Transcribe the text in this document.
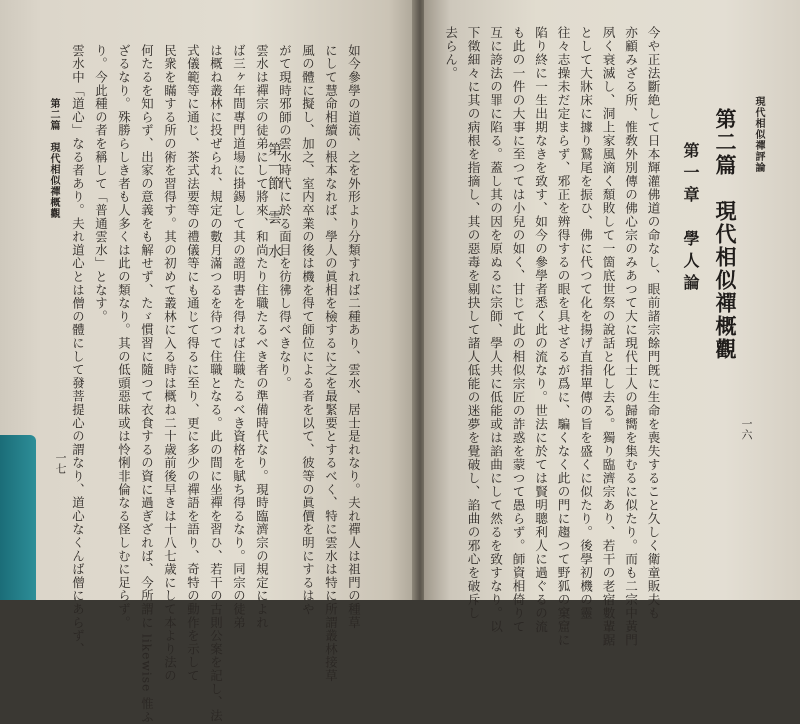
第二篇　現代相似禪概觀	第一節　雲　水
一七	如今參學の道流、之を外形より分類すれば二種あり、雲水、居士是れなり。夫れ禪人は祖門の種草
にして慧命相續の根本なれば、學人の眞相を檢するに之を最緊要とするべく、特に雲水は特に所謂叢林接草
風の體に擬し、加之、室内卒業の後は機を得て師位による者を以て、彼等の眞價を明にするはや
がて現時邪師の雲水時代に於る面目を彷彿し得べきなり。
雲水は禪宗の徒弟にして將來、和尚たり住職たるべき者の準備時代なり。現時臨濟宗の規定によれ
ば三ヶ年間專門道場に掛錫して其の證明書を得れば住職たるべき資格を賦ち得るなり。同宗の徒弟
は概ね叢林に投ぜられ、規定の數月滿つるを待つて住職となる。此の間に坐禪を習ひ、若干の古則公案を記し、法
式儀範等に通じ、茶式法要等の禮儀等にも通じて得るに至り、更に多少の禪語を語り、奇特の動作を示して
民衆を瞞する所の術を習得す。其の初めて叢林に入る時は概ね二十歳前後早きは十八七歳にして本より法の
何たるを知らず、出家の意義をも解せず、たゞ慣習に隨つて衣食するの資に過ぎざれば、今所謂に likewise 惟ふ
ざるなり。殊勝らしき者も人多くは此の類なり。其の低頭惡昧或は怜悧非倫なる怪しむに足らず。
り。今此種の者を稱して「普通雲水」となす。
雲水中「道心」なる者あり。夫れ道心とは僧の體にして發菩提心の謂なり、道心なくんば僧にあらず、	現代相似禪評論
第二篇　現代相似禪概觀
第一章　學人論
一六
今や正法斷絶して日本輝灌佛道の命なし、眼前諸宗餘門旣に生命を喪失すること久しく衛童販夫も
亦顧みざる所、惟敎外別傳の佛心宗のみあつて大に現代士人の歸嚮を集むるに似たり。而も二宗中黃門
夙く衰滅し、洞上家風滴く頹敗して一箇底世祭の說話と化し去る。獨り臨濟宗あり、若干の老宿數輩踞
として大牀床に據り鷲尾を振ひ、佛に代つて化を揚げ直指單傳の旨を盛くに似たり。後學初機の靈
往々志操未だ定まらず、邪正を辨得するの眼を具せざるが爲に、騙くなく此の門に趨つて野狐の窠窟に
陷り終に一生出期なきを致す、如今の參學者悉く此の流なり。世法に於ては賢明聰利人に過ぐるの流
も此の一件の大事に至つては小兒の如く、甘じて此の相似宗匠の詐惑を蒙つて愚らず。師資相倚りて
互に誇法の罪に陷る。蓋し其の因を原ぬるに宗師、學人共に低能或は諂曲にして然るを致すなり。以
下徵細々に其の病根を指摘し、其の惡毒を剔抉して諸人低能の迷夢を覺破し、諂曲の邪心を破斥し
去らん。
